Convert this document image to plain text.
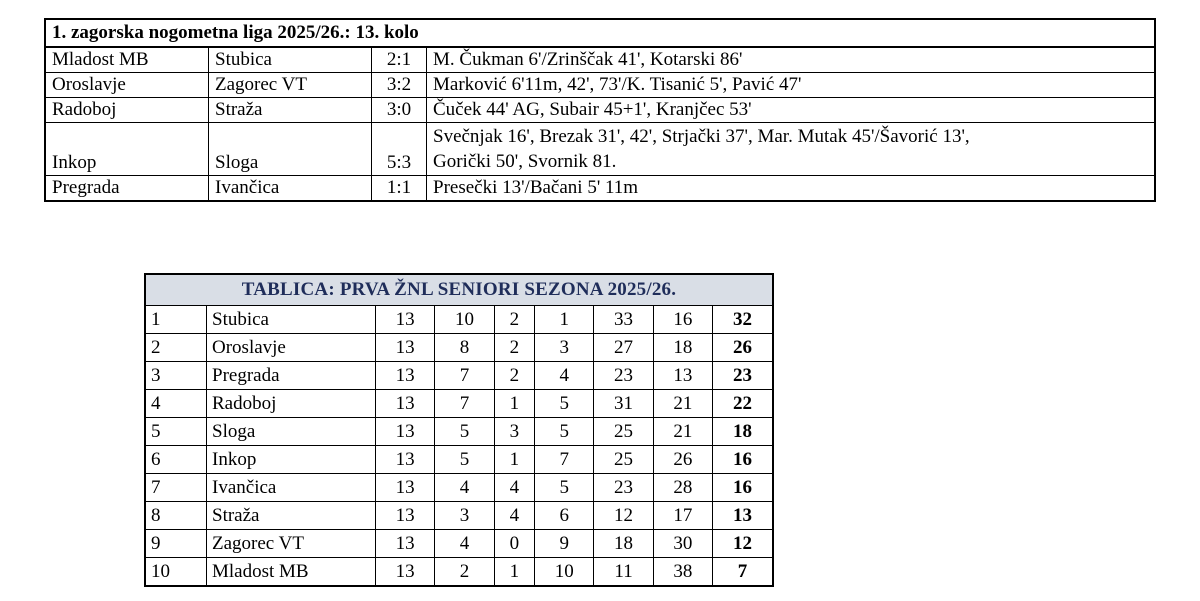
1. zagorska nogometna liga 2025/26.: 13. kolo			
Mladost MB	Stubica	2:1	M. Čukman 6'/Zrinščak 41', Kotarski 86'

Oroslavje	Zagorec VT	3:2	Marković 6'11m, 42', 73'/K. Tisanić 5', Pavić 47'

Radoboj	Straža	3:0	Čuček 44' AG, Subair 45+1', Kranjčec 53'

Inkop	Sloga	5:3	Svečnjak 16', Brezak 31', 42', Strjački 37', Mar. Mutak 45'/Šavorić 13',
Gorički 50', Svornik 81.

Pregrada	Ivančica	1:1	Presečki 13'/Bačani 5' 11m
TABLICA: PRVA ŽNL SENIORI SEZONA 2025/26.								
1	Stubica	13	10	2	1	33	16	32
2	Oroslavje	13	8	2	3	27	18	26
3	Pregrada	13	7	2	4	23	13	23
4	Radoboj	13	7	1	5	31	21	22
5	Sloga	13	5	3	5	25	21	18
6	Inkop	13	5	1	7	25	26	16
7	Ivančica	13	4	4	5	23	28	16
8	Straža	13	3	4	6	12	17	13
9	Zagorec VT	13	4	0	9	18	30	12
10	Mladost MB	13	2	1	10	11	38	7
